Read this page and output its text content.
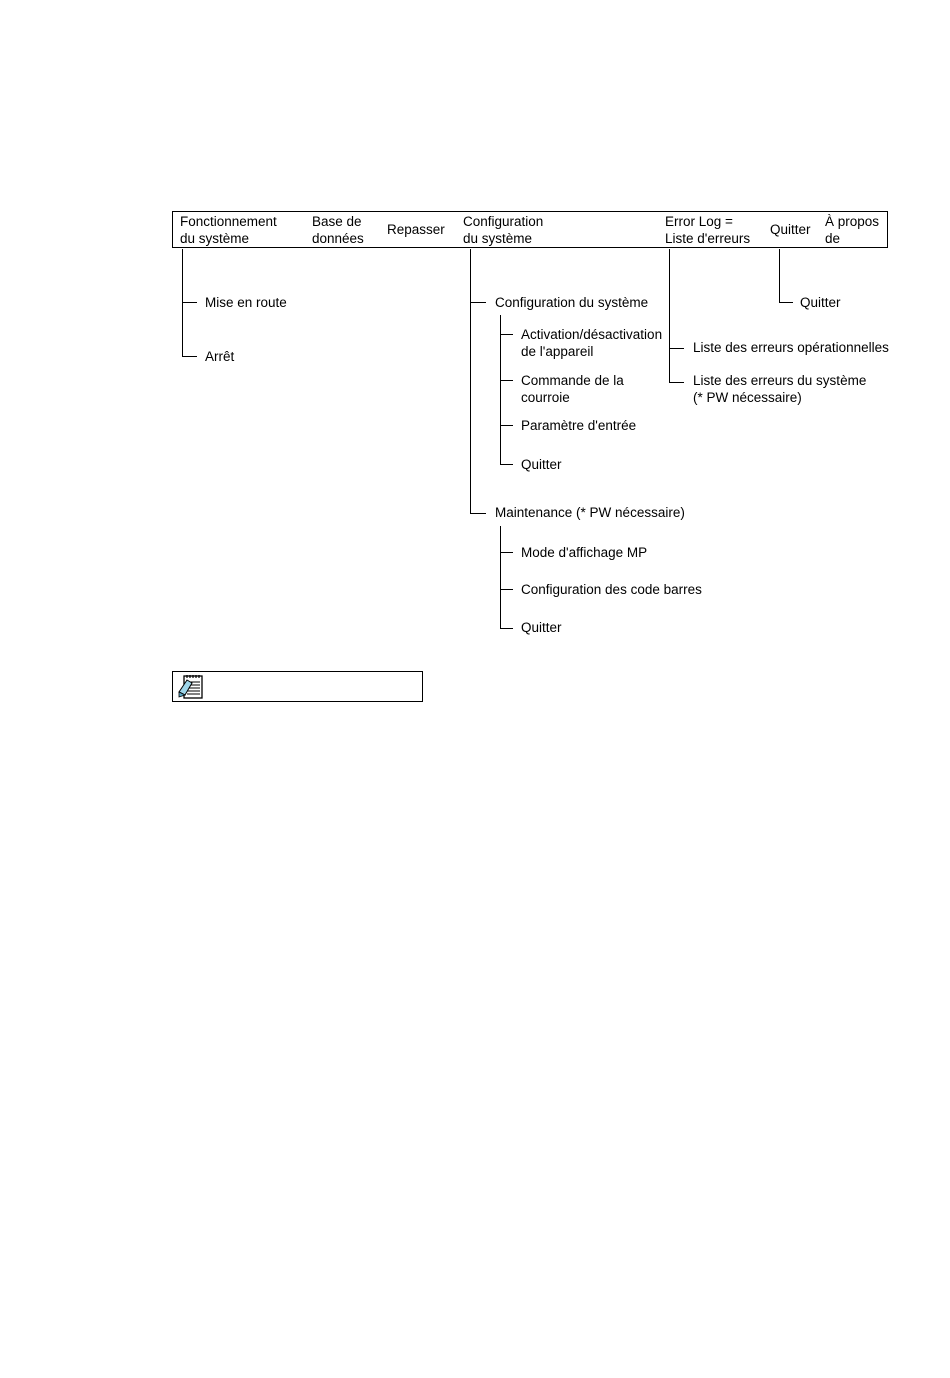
Fonctionnement
du système
Base de
données
Repasser
Configuration
du système
Error Log =
Liste d'erreurs
Quitter
À propos
de
Mise en route
Arrêt
Configuration du système
Activation/désactivation
de l'appareil
Commande de la
courroie
Paramètre d'entrée
Quitter
Maintenance (* PW nécessaire)
Mode d'affichage MP
Configuration des code barres
Quitter
Liste des erreurs opérationnelles
Liste des erreurs du système
(* PW nécessaire)
Quitter
